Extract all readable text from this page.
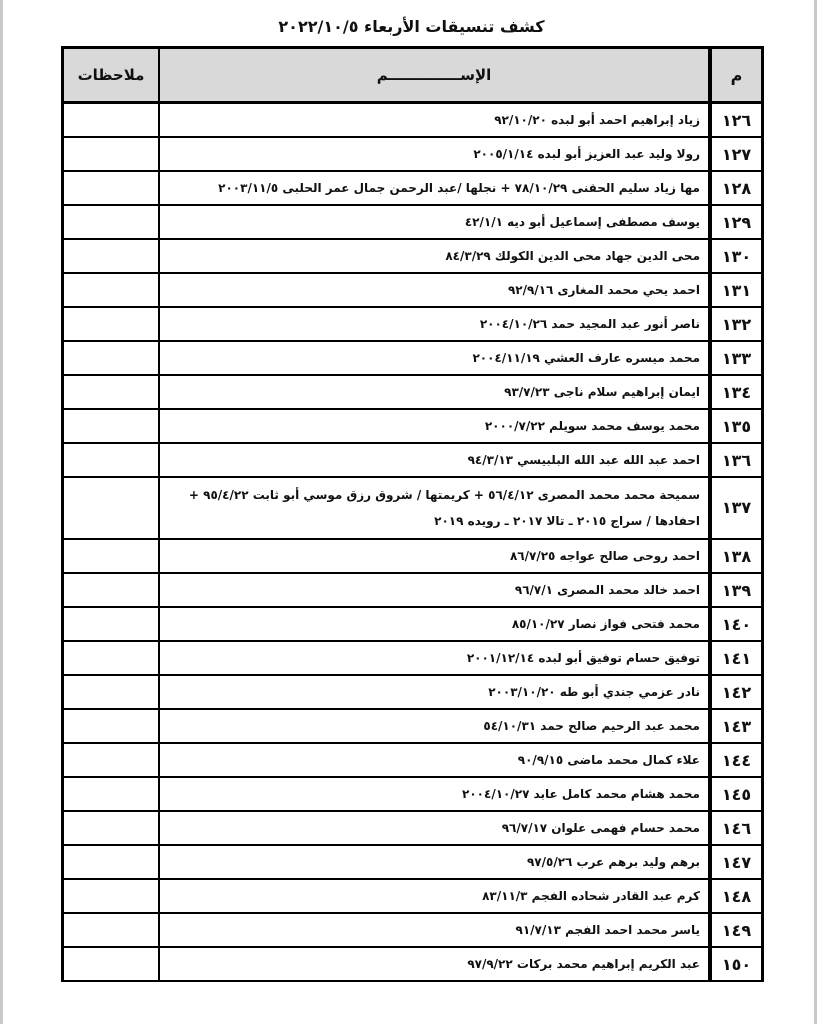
كشف تنسيقات الأربعاء ٢٠٢٢/١٠/٥
م	الإســــــــــــــم	ملاحظات
١٢٦	زياد إبراهيم احمد أبو لبده ٩٢/١٠/٢٠	
١٢٧	رولا وليد عبد العزيز أبو لبده ٢٠٠٥/١/١٤	
١٢٨	مها زياد سليم الحقنى ٧٨/١٠/٢٩ + نجلها /عبد الرحمن جمال عمر الحلبى ٢٠٠٣/١١/٥	
١٢٩	يوسف مصطفى إسماعيل أبو ديه ٤٢/١/١	
١٣٠	محى الدين جهاد محى الدين الكولك ٨٤/٣/٢٩	
١٣١	احمد يحي محمد المغارى ٩٢/٩/١٦	
١٣٢	ناصر أنور عبد المجيد حمد ٢٠٠٤/١٠/٢٦	
١٣٣	محمد ميسره عارف العشي ٢٠٠٤/١١/١٩	
١٣٤	ايمان إبراهيم سلام ناجى ٩٣/٧/٢٣	
١٣٥	محمد يوسف محمد سويلم ٢٠٠٠/٧/٢٢	
١٣٦	احمد عبد الله عبد الله البلبيسي ٩٤/٣/١٣	
١٣٧	سميحة محمد محمد المصرى ٥٦/٤/١٢ + كريمتها / شروق رزق موسي أبو ثابت ٩٥/٤/٢٢ + احفادها / سراج ٢٠١٥ ـ تالا ٢٠١٧ ـ رويده ٢٠١٩	
١٣٨	احمد روحى صالح عواجه ٨٦/٧/٢٥	
١٣٩	احمد خالد محمد المصرى ٩٦/٧/١	
١٤٠	محمد فتحى فواز نصار ٨٥/١٠/٢٧	
١٤١	توفيق حسام توفيق أبو لبده ٢٠٠١/١٢/١٤	
١٤٢	نادر عزمي جندي أبو طه ٢٠٠٣/١٠/٢٠	
١٤٣	محمد عبد الرحيم صالح حمد ٥٤/١٠/٣١	
١٤٤	علاء كمال محمد ماضى ٩٠/٩/١٥	
١٤٥	محمد هشام محمد كامل عابد ٢٠٠٤/١٠/٢٧	
١٤٦	محمد حسام فهمى علوان ٩٦/٧/١٧	
١٤٧	برهم وليد برهم عرب ٩٧/٥/٢٦	
١٤٨	كرم عبد القادر شحاده الفجم ٨٣/١١/٣	
١٤٩	ياسر محمد احمد الفجم ٩١/٧/١٣	
١٥٠	عبد الكريم إبراهيم محمد بركات ٩٧/٩/٢٢	
